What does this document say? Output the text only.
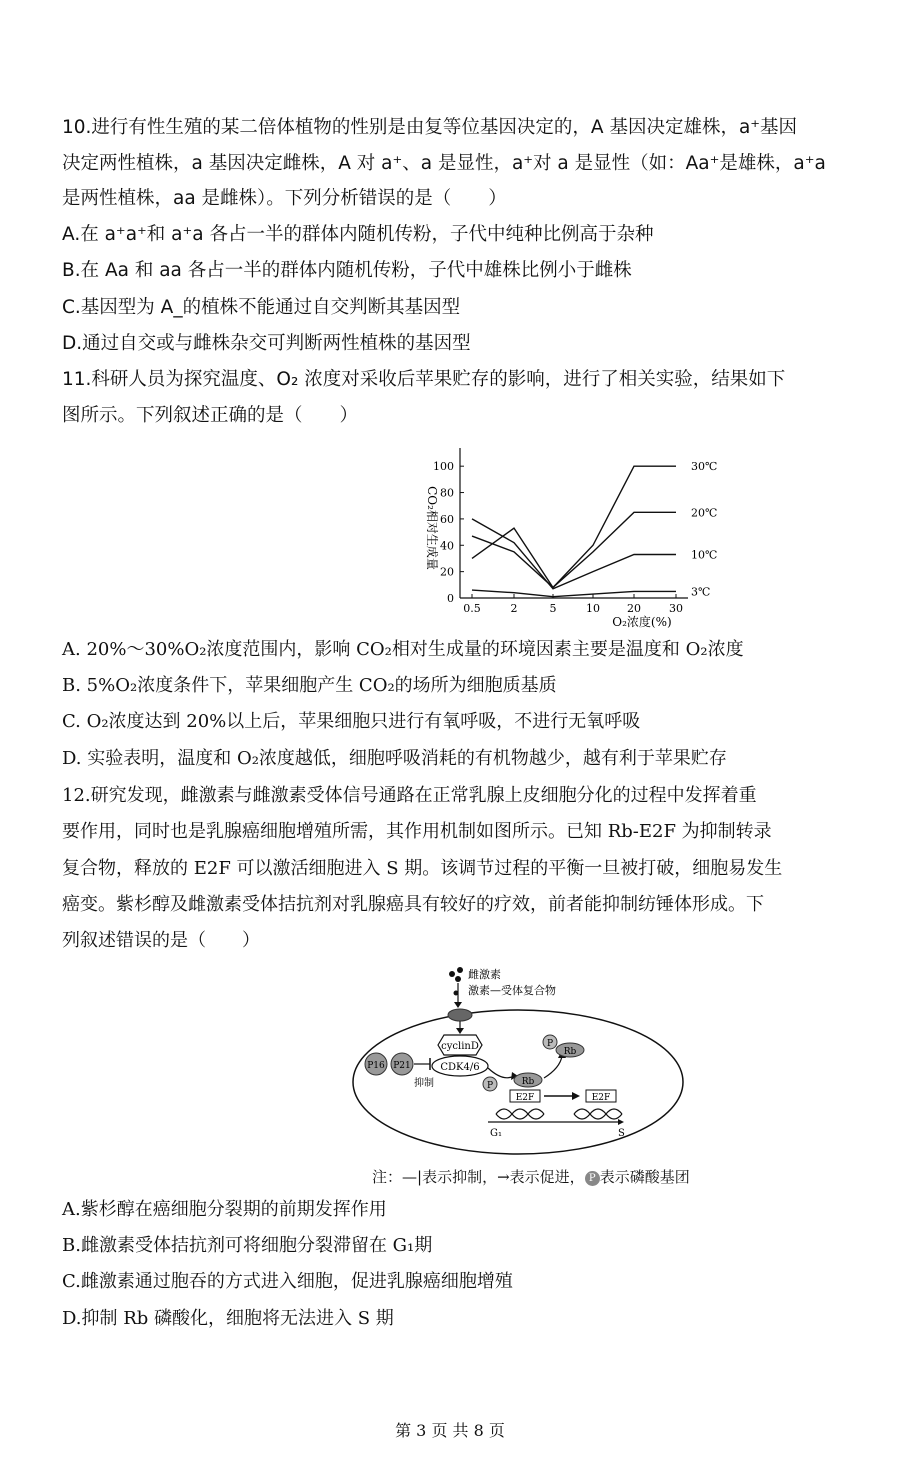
10.进行有性生殖的某二倍体植物的性别是由复等位基因决定的，A 基因决定雄株，a⁺基因
决定两性植株，a 基因决定雌株，A 对 a⁺、a 是显性，a⁺对 a 是显性（如：Aa⁺是雄株，a⁺a
是两性植株，aa 是雌株）。下列分析错误的是（　　）
A.在 a⁺a⁺和 a⁺a 各占一半的群体内随机传粉，子代中纯种比例高于杂种
B.在 Aa 和 aa 各占一半的群体内随机传粉，子代中雄株比例小于雌株
C.基因型为 A_的植株不能通过自交判断其基因型
D.通过自交或与雌株杂交可判断两性植株的基因型
11.科研人员为探究温度、O₂ 浓度对采收后苹果贮存的影响，进行了相关实验，结果如下
图所示。下列叙述正确的是（　　）
0
20
40
60
80
100
0.5	2	5	10 20	30
O₂浓度(%)
CO₂相对生成量
30℃
20℃
10℃
3℃
A. 20%～30%O₂浓度范围内，影响 CO₂相对生成量的环境因素主要是温度和 O₂浓度
B. 5%O₂浓度条件下，苹果细胞产生 CO₂的场所为细胞质基质
C. O₂浓度达到 20%以上后，苹果细胞只进行有氧呼吸，不进行无氧呼吸
D. 实验表明，温度和 O₂浓度越低，细胞呼吸消耗的有机物越少，越有利于苹果贮存
12.研究发现，雌激素与雌激素受体信号通路在正常乳腺上皮细胞分化的过程中发挥着重
要作用，同时也是乳腺癌细胞增殖所需，其作用机制如图所示。已知 Rb-E2F 为抑制转录
复合物，释放的 E2F 可以激活细胞进入 S 期。该调节过程的平衡一旦被打破，细胞易发生
癌变。紫杉醇及雌激素受体拮抗剂对乳腺癌具有较好的疗效，前者能抑制纺锤体形成。下
列叙述错误的是（　　）
雌激素
激素—受体复合物
cyclinD
CDK4/6
P16 P21
抑制	P	Rb
P
Rb
E2F	E2F
G₁	S
注：—|表示抑制，→表示促进， P 表示磷酸基团
A.紫杉醇在癌细胞分裂期的前期发挥作用
B.雌激素受体拮抗剂可将细胞分裂滞留在 G₁期
C.雌激素通过胞吞的方式进入细胞，促进乳腺癌细胞增殖
D.抑制 Rb 磷酸化，细胞将无法进入 S 期
第 3 页 共 8 页
